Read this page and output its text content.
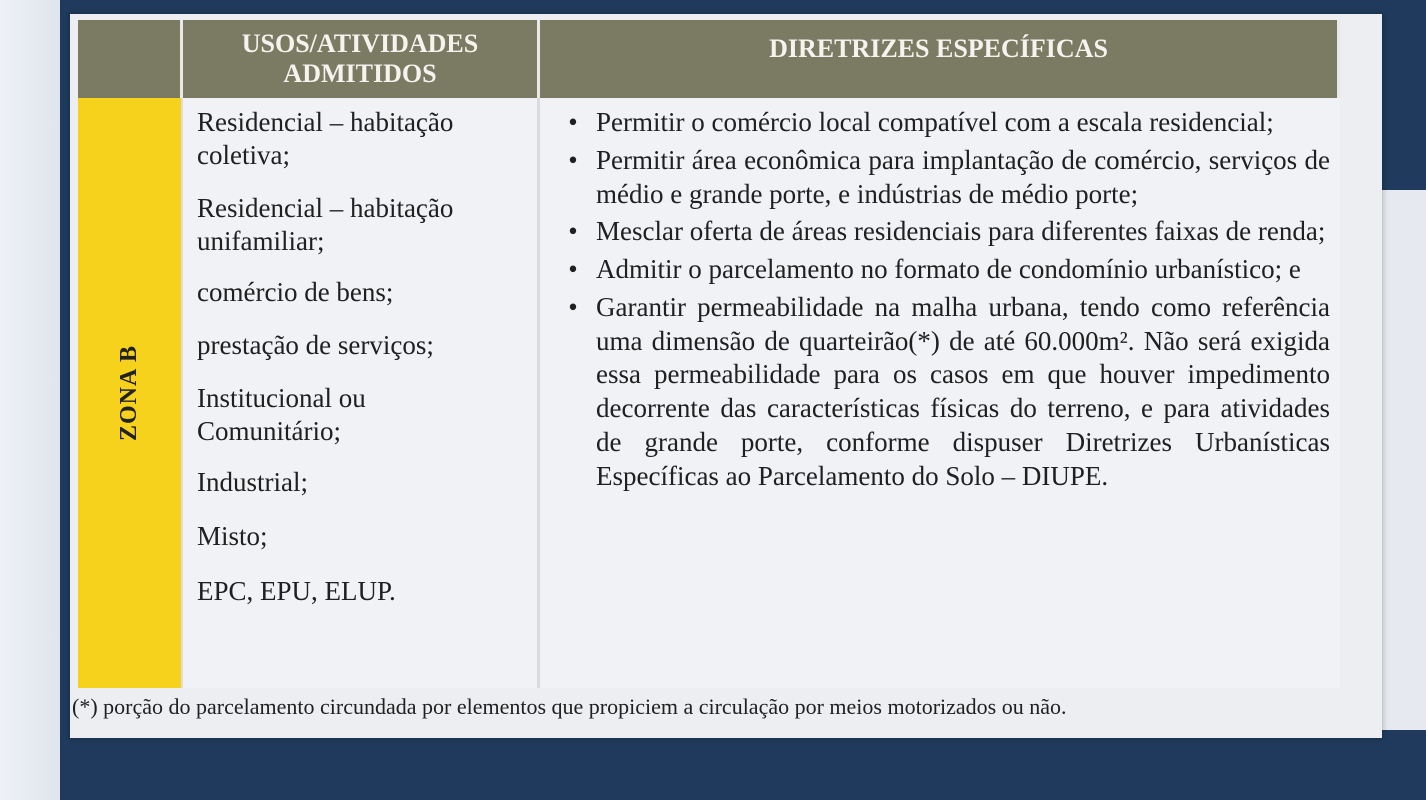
USOS/ATIVIDADES ADMITIDOS
DIRETRIZES ESPECÍFICAS
ZONA B
Residencial – habitação coletiva;
Residencial – habitação unifamiliar;
comércio de bens;
prestação de serviços;
Institucional ou Comunitário;
Industrial;
Misto;
EPC, EPU, ELUP.
• Permitir o comércio local compatível com a escala residencial;
• Permitir área econômica para implantação de comércio, serviços de médio e grande porte, e indústrias de médio porte;
• Mesclar oferta de áreas residenciais para diferentes faixas de renda;
• Admitir o parcelamento no formato de condomínio urbanístico; e
• Garantir permeabilidade na malha urbana, tendo como referência uma dimensão de quarteirão(*) de até 60.000m². Não será exigida essa permeabilidade para os casos em que houver impedimento decorrente das características físicas do terreno, e para atividades de grande porte, conforme dispuser Diretrizes Urbanísticas Específicas ao Parcelamento do Solo – DIUPE.
(*) porção do parcelamento circundada por elementos que propiciem a circulação por meios motorizados ou não.
